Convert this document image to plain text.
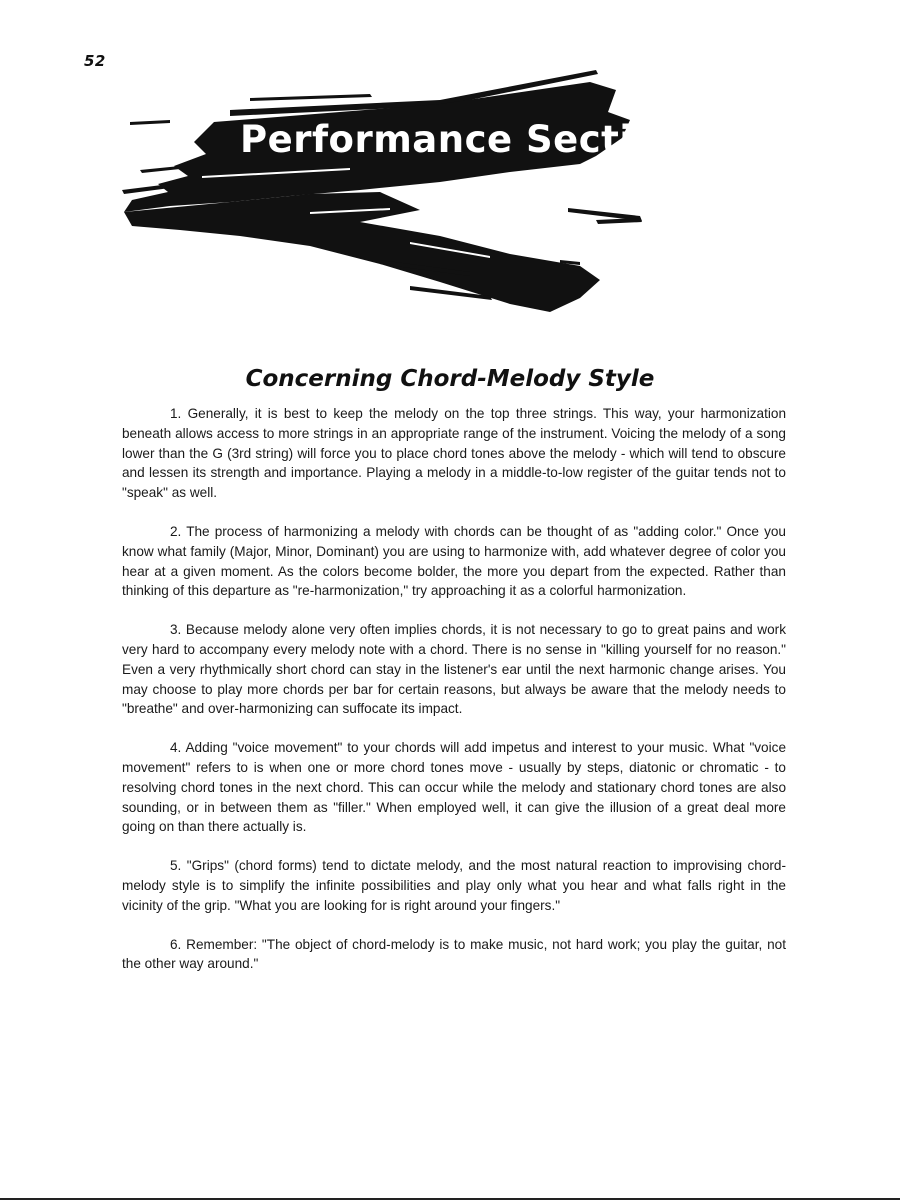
52
Performance Section
Concerning Chord-Melody Style

1. Generally, it is best to keep the melody on the top three strings. This way, your harmonization beneath allows access to more strings in an appropriate range of the instrument. Voicing the melody of a song lower than the G (3rd string) will force you to place chord tones above the melody - which will tend to obscure and lessen its strength and importance. Playing a melody in a middle-to-low register of the guitar tends not to "speak" as well.

2. The process of harmonizing a melody with chords can be thought of as "adding color." Once you know what family (Major, Minor, Dominant) you are using to harmonize with, add whatever degree of color you hear at a given moment. As the colors become bolder, the more you depart from the expected. Rather than thinking of this departure as "re-harmonization," try approaching it as a colorful harmonization.

3. Because melody alone very often implies chords, it is not necessary to go to great pains and work very hard to accompany every melody note with a chord. There is no sense in "killing yourself for no reason." Even a very rhythmically short chord can stay in the listener's ear until the next harmonic change arises. You may choose to play more chords per bar for certain reasons, but always be aware that the melody needs to "breathe" and over-harmonizing can suffocate its impact.

4. Adding "voice movement" to your chords will add impetus and interest to your music. What "voice movement" refers to is when one or more chord tones move - usually by steps, diatonic or chromatic - to resolving chord tones in the next chord. This can occur while the melody and stationary chord tones are also sounding, or in between them as "filler." When employed well, it can give the illusion of a great deal more going on than there actually is.

5. "Grips" (chord forms) tend to dictate melody, and the most natural reaction to improvising chord-melody style is to simplify the infinite possibilities and play only what you hear and what falls right in the vicinity of the grip. "What you are looking for is right around your fingers."

6. Remember: "The object of chord-melody is to make music, not hard work; you play the guitar, not the other way around."
